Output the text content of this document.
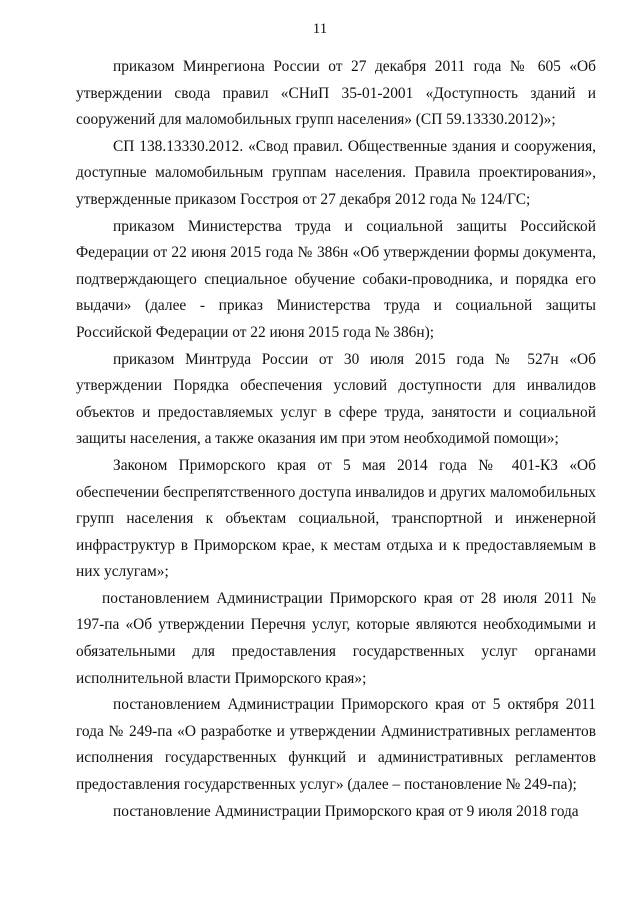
11

приказом Минрегиона России от 27 декабря 2011 года № 605 «Об утверждении свода правил «СНиП 35-01-2001 «Доступность зданий и сооружений для маломобильных групп населения» (СП 59.13330.2012)»;

СП 138.13330.2012. «Свод правил. Общественные здания и сооружения, доступные маломобильным группам населения. Правила проектирования», утвержденные приказом Госстроя от 27 декабря 2012 года № 124/ГС;

приказом Министерства труда и социальной защиты Российской Федерации от 22 июня 2015 года № 386н «Об утверждении формы документа, подтверждающего специальное обучение собаки-проводника, и порядка его выдачи» (далее - приказ Министерства труда и социальной защиты Российской Федерации от 22 июня 2015 года № 386н);

приказом Минтруда России от 30 июля 2015 года № 527н «Об утверждении Порядка обеспечения условий доступности для инвалидов объектов и предоставляемых услуг в сфере труда, занятости и социальной защиты населения, а также оказания им при этом необходимой помощи»;

Законом Приморского края от 5 мая 2014 года № 401-КЗ «Об обеспечении беспрепятственного доступа инвалидов и других маломобильных групп населения к объектам социальной, транспортной и инженерной инфраструктур в Приморском крае, к местам отдыха и к предоставляемым в них услугам»;

постановлением Администрации Приморского края от 28 июля 2011 № 197-па «Об утверждении Перечня услуг, которые являются необходимыми и обязательными для предоставления государственных услуг органами исполнительной власти Приморского края»;

постановлением Администрации Приморского края от 5 октября 2011 года № 249-па «О разработке и утверждении Административных регламентов исполнения государственных функций и административных регламентов предоставления государственных услуг» (далее – постановление № 249-па);

постановление Администрации Приморского края от 9 июля 2018 года
